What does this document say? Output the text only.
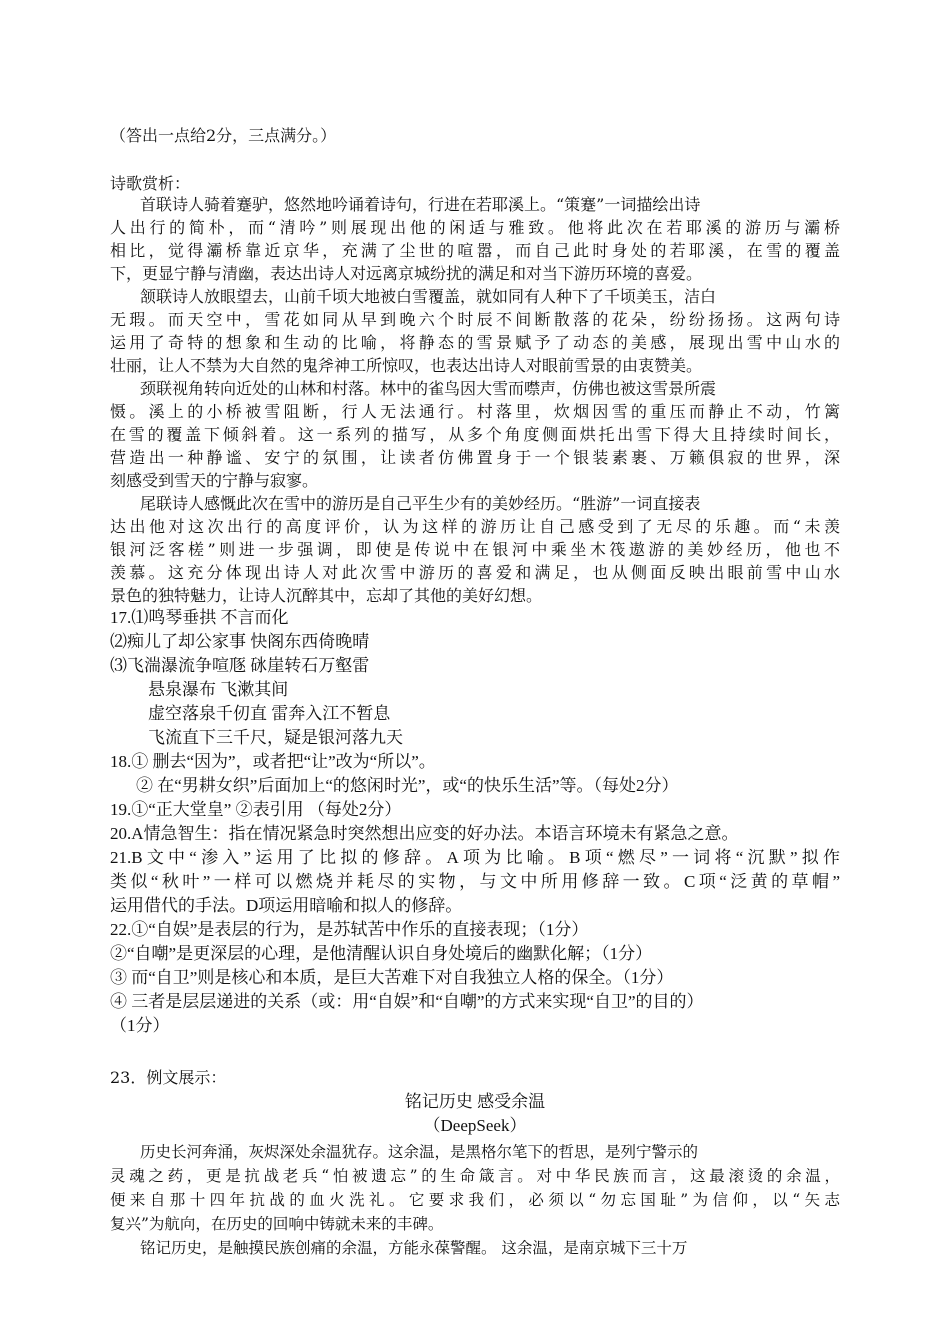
（答出一点给2分，三点满分。）
诗歌赏析：
首联诗人骑着蹇驴，悠然地吟诵着诗句，行进在若耶溪上。“策蹇”一词描绘出诗
人出行的简朴，而“清吟”则展现出他的闲适与雅致。他将此次在若耶溪的游历与灞桥
相比，觉得灞桥靠近京华，充满了尘世的喧嚣，而自己此时身处的若耶溪，在雪的覆盖
下，更显宁静与清幽，表达出诗人对远离京城纷扰的满足和对当下游历环境的喜爱。
颔联诗人放眼望去，山前千顷大地被白雪覆盖，就如同有人种下了千顷美玉，洁白
无瑕。而天空中，雪花如同从早到晚六个时辰不间断散落的花朵，纷纷扬扬。这两句诗
运用了奇特的想象和生动的比喻，将静态的雪景赋予了动态的美感，展现出雪中山水的
壮丽，让人不禁为大自然的鬼斧神工所惊叹，也表达出诗人对眼前雪景的由衷赞美。
颈联视角转向近处的山林和村落。林中的雀鸟因大雪而噤声，仿佛也被这雪景所震
慑。溪上的小桥被雪阻断，行人无法通行。村落里，炊烟因雪的重压而静止不动，竹篱
在雪的覆盖下倾斜着。这一系列的描写，从多个角度侧面烘托出雪下得大且持续时间长，
营造出一种静谧、安宁的氛围，让读者仿佛置身于一个银装素裹、万籁俱寂的世界，深
刻感受到雪天的宁静与寂寥。
尾联诗人感慨此次在雪中的游历是自己平生少有的美妙经历。“胜游”一词直接表
达出他对这次出行的高度评价，认为这样的游历让自己感受到了无尽的乐趣。而“未羡
银河泛客槎”则进一步强调，即使是传说中在银河中乘坐木筏遨游的美妙经历，他也不
羡慕。这充分体现出诗人对此次雪中游历的喜爱和满足，也从侧面反映出眼前雪中山水
景色的独特魅力，让诗人沉醉其中，忘却了其他的美好幻想。
17.⑴鸣琴垂拱 不言而化
⑵痴儿了却公家事 快阁东西倚晚晴
⑶飞湍瀑流争喧豗 砯崖转石万壑雷
悬泉瀑布 飞漱其间
虚空落泉千仞直 雷奔入江不暂息
飞流直下三千尺，疑是银河落九天
18.① 删去“因为”，或者把“让”改为“所以”。
② 在“男耕女织”后面加上“的悠闲时光”，或“的快乐生活”等。（每处2分）
19.①“正大堂皇” ②表引用 （每处2分）
20.A情急智生：指在情况紧急时突然想出应变的好办法。本语言环境未有紧急之意。
21.B文中“渗入”运用了比拟的修辞。A项为比喻。B项“燃尽”一词将“沉默”拟作
类似“秋叶”一样可以燃烧并耗尽的实物，与文中所用修辞一致。C项“泛黄的草帽”
运用借代的手法。D项运用暗喻和拟人的修辞。
22.①“自娱”是表层的行为，是苏轼苦中作乐的直接表现；（1分）
②“自嘲”是更深层的心理，是他清醒认识自身处境后的幽默化解；（1分）
③ 而“自卫”则是核心和本质，是巨大苦难下对自我独立人格的保全。（1分）
④ 三者是层层递进的关系（或：用“自娱”和“自嘲”的方式来实现“自卫”的目的）
（1分）
23．例文展示：
铭记历史 感受余温
（DeepSeek）
历史长河奔涌，灰烬深处余温犹存。这余温，是黑格尔笔下的哲思，是列宁警示的
灵魂之药，更是抗战老兵“怕被遗忘”的生命箴言。对中华民族而言，这最滚烫的余温，
便来自那十四年抗战的血火洗礼。它要求我们，必须以“勿忘国耻”为信仰，以“矢志
复兴”为航向，在历史的回响中铸就未来的丰碑。
铭记历史，是触摸民族创痛的余温，方能永葆警醒。 这余温，是南京城下三十万
